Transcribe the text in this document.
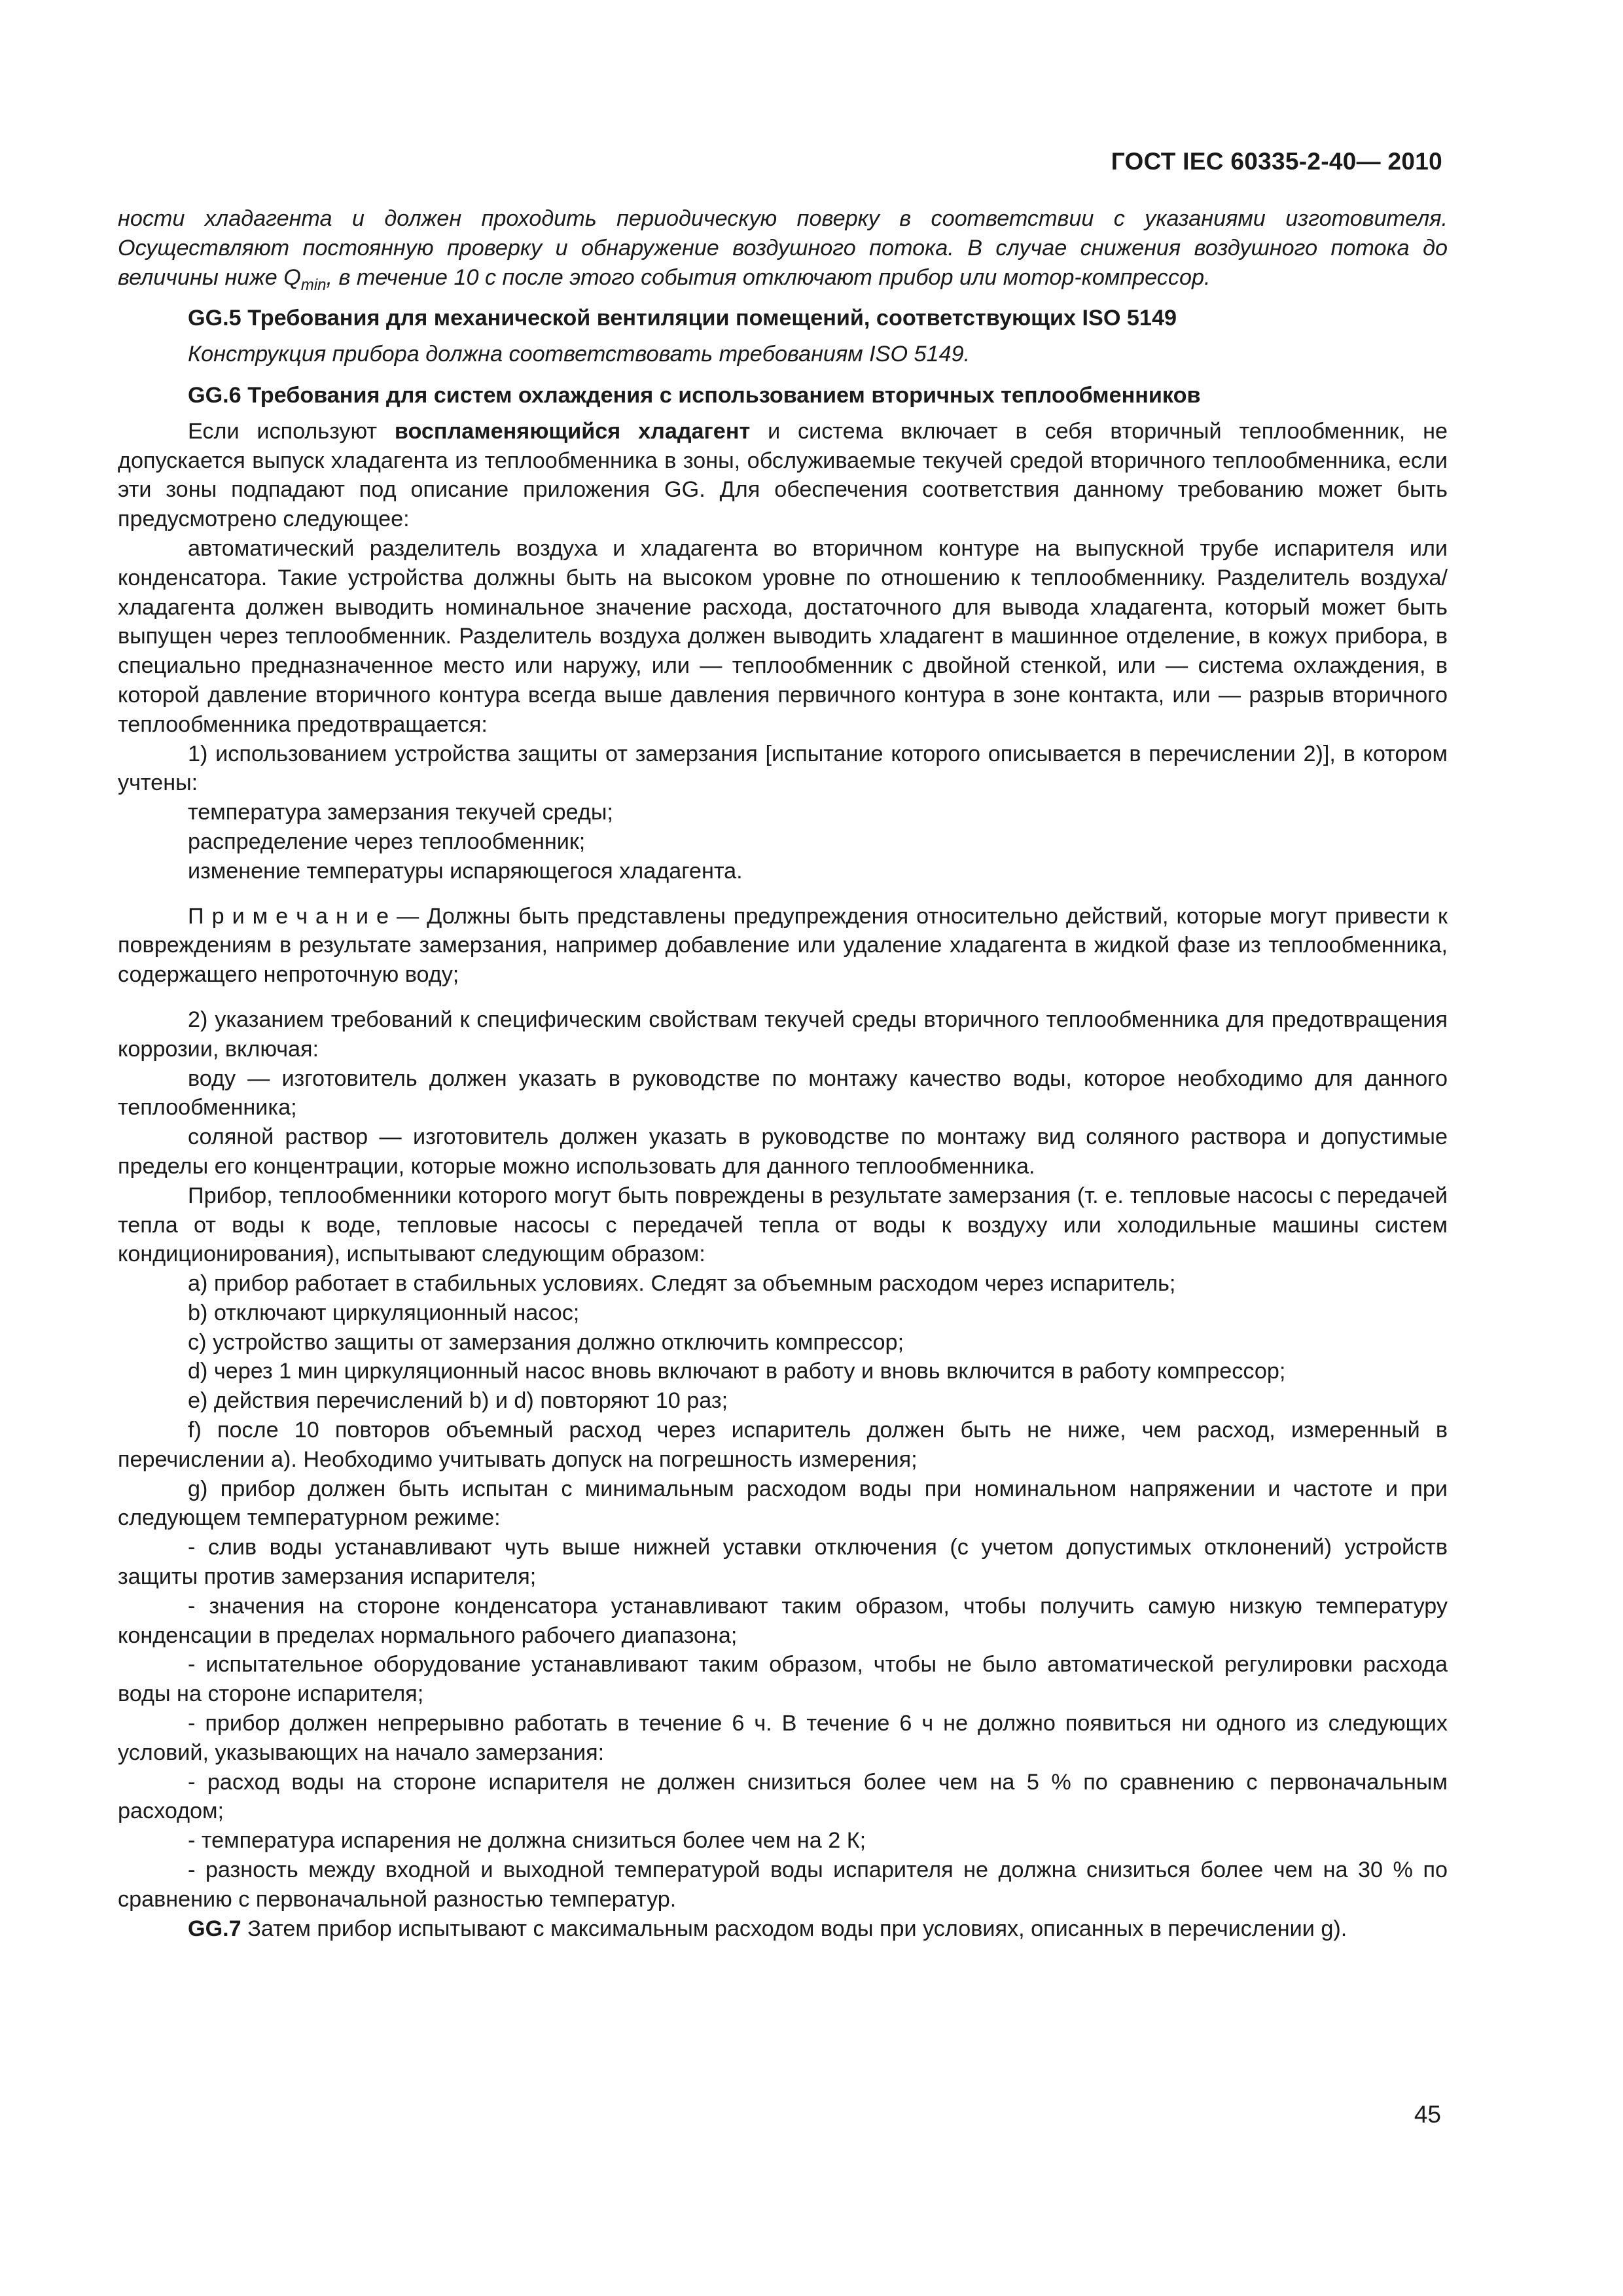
ГОСТ IEC 60335-2-40— 2010

ности хладагента и должен проходить периодическую поверку в соответствии с указаниями изготовителя. Осуществляют постоянную проверку и обнаружение воздушного потока. В случае снижения воздушного потока до величины ниже $Q_{min}$, в течение 10 с после этого события отключают прибор или мотор-компрессор.

GG.5 Требования для механической вентиляции помещений, соответствующих ISO 5149

Конструкция прибора должна соответствовать требованиям ISO 5149.

GG.6 Требования для систем охлаждения с использованием вторичных теплообменников

Если используют воспламеняющийся хладагент и система включает в себя вторичный теплообменник, не допускается выпуск хладагента из теплообменника в зоны, обслуживаемые текучей средой вторичного теплообменника, если эти зоны подпадают под описание приложения GG. Для обеспечения соответствия данному требованию может быть предусмотрено следующее:

автоматический разделитель воздуха и хладагента во вторичном контуре на выпускной трубе испарителя или конденсатора. Такие устройства должны быть на высоком уровне по отношению к теплообменнику. Разделитель воздуха/хладагента должен выводить номинальное значение расхода, достаточного для вывода хладагента, который может быть выпущен через теплообменник. Разделитель воздуха должен выводить хладагент в машинное отделение, в кожух прибора, в специально предназначенное место или наружу, или — теплообменник с двойной стенкой, или — система охлаждения, в которой давление вторичного контура всегда выше давления первичного контура в зоне контакта, или — разрыв вторичного теплообменника предотвращается:

1) использованием устройства защиты от замерзания [испытание которого описывается в перечислении 2)], в котором учтены:

температура замерзания текучей среды;

распределение через теплообменник;

изменение температуры испаряющегося хладагента.

П р и м е ч а н и е — Должны быть представлены предупреждения относительно действий, которые могут привести к повреждениям в результате замерзания, например добавление или удаление хладагента в жидкой фазе из теплообменника, содержащего непроточную воду;

2) указанием требований к специфическим свойствам текучей среды вторичного теплообменника для предотвращения коррозии, включая:

воду — изготовитель должен указать в руководстве по монтажу качество воды, которое необходимо для данного теплообменника;

соляной раствор — изготовитель должен указать в руководстве по монтажу вид соляного раствора и допустимые пределы его концентрации, которые можно использовать для данного теплообменника.

Прибор, теплообменники которого могут быть повреждены в результате замерзания (т. е. тепловые насосы с передачей тепла от воды к воде, тепловые насосы с передачей тепла от воды к воздуху или холодильные машины систем кондиционирования), испытывают следующим образом:

a) прибор работает в стабильных условиях. Следят за объемным расходом через испаритель;

b) отключают циркуляционный насос;

c) устройство защиты от замерзания должно отключить компрессор;

d) через 1 мин циркуляционный насос вновь включают в работу и вновь включится в работу компрессор;

e) действия перечислений b) и d) повторяют 10 раз;

f) после 10 повторов объемный расход через испаритель должен быть не ниже, чем расход, измеренный в перечислении a). Необходимо учитывать допуск на погрешность измерения;

g) прибор должен быть испытан с минимальным расходом воды при номинальном напряжении и частоте и при следующем температурном режиме:

- слив воды устанавливают чуть выше нижней уставки отключения (с учетом допустимых отклонений) устройств защиты против замерзания испарителя;

- значения на стороне конденсатора устанавливают таким образом, чтобы получить самую низкую температуру конденсации в пределах нормального рабочего диапазона;

- испытательное оборудование устанавливают таким образом, чтобы не было автоматической регулировки расхода воды на стороне испарителя;

- прибор должен непрерывно работать в течение 6 ч. В течение 6 ч не должно появиться ни одного из следующих условий, указывающих на начало замерзания:

- расход воды на стороне испарителя не должен снизиться более чем на 5 % по сравнению с первоначальным расходом;

- температура испарения не должна снизиться более чем на 2 К;

- разность между входной и выходной температурой воды испарителя не должна снизиться более чем на 30 % по сравнению с первоначальной разностью температур.

GG.7 Затем прибор испытывают с максимальным расходом воды при условиях, описанных в перечислении g).

45
